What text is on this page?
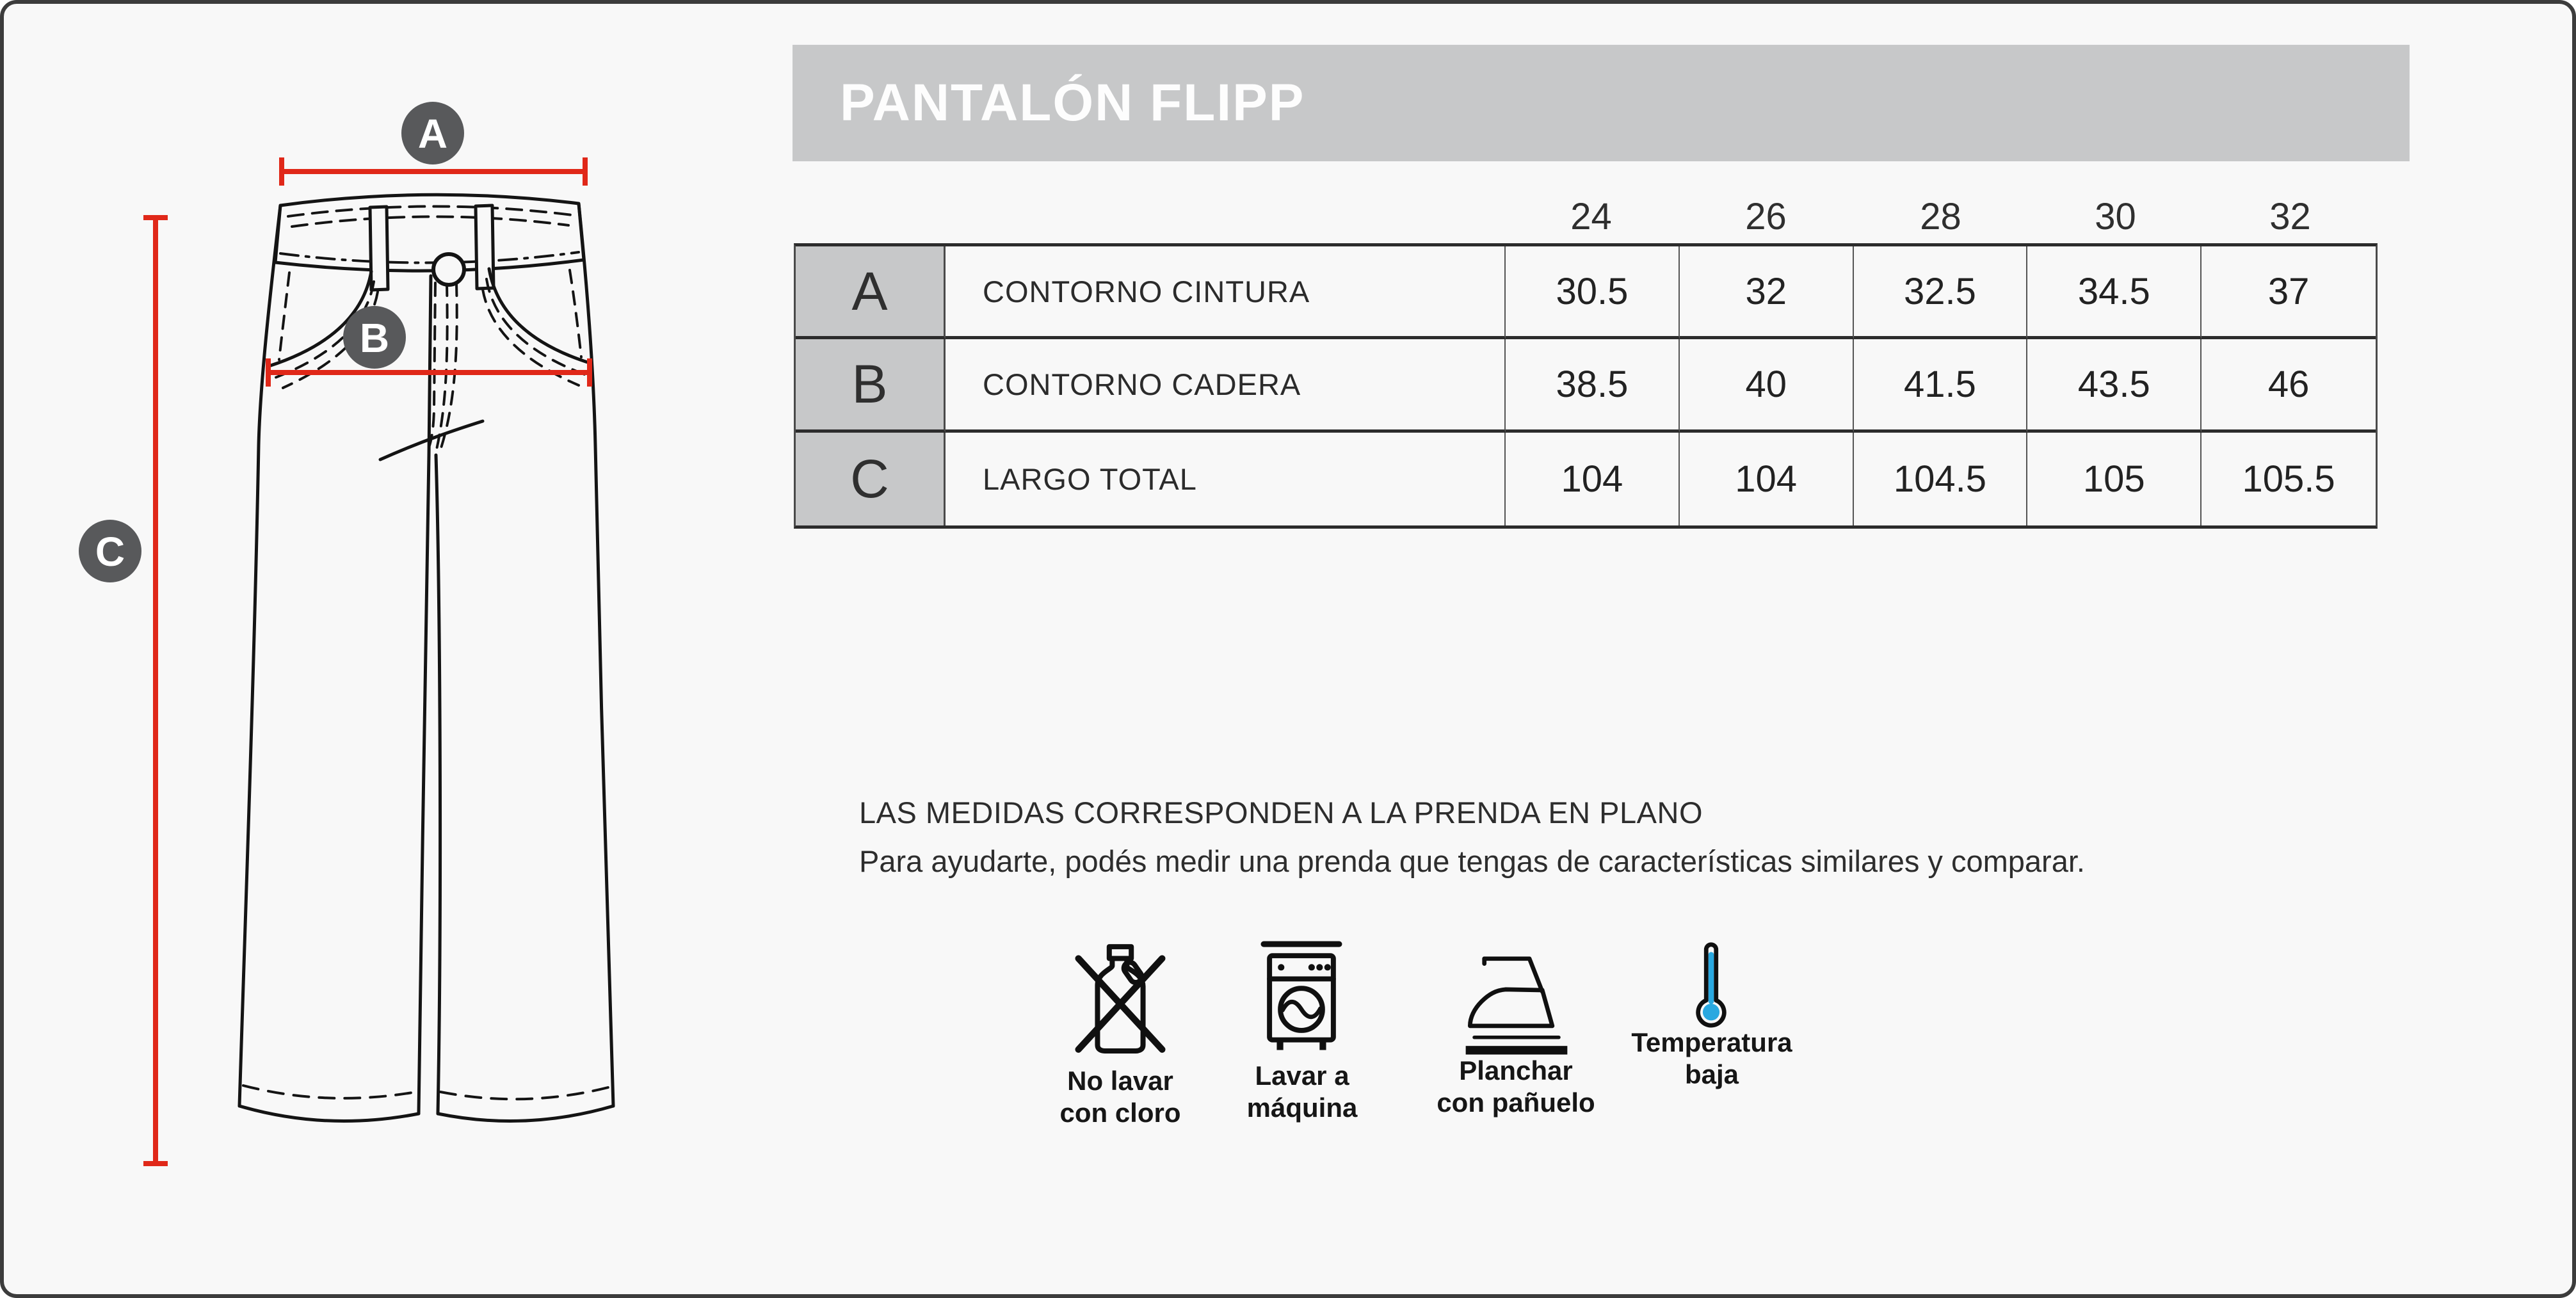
A
B
C
PANTALÓN FLIPP
24	26	28	30	32
A	CONTORNO CINTURA	30.5	32	32.5	34.5	37
B	CONTORNO CADERA	38.5	40	41.5	43.5	46
C	LARGO TOTAL	104	104	104.5	105	105.5
LAS MEDIDAS CORRESPONDEN A LA PRENDA EN PLANO
Para ayudarte, podés medir una prenda que tengas de características similares y comparar.
No lavar
con cloro
Lavar a
máquina
Planchar
con pañuelo
Temperatura
baja
